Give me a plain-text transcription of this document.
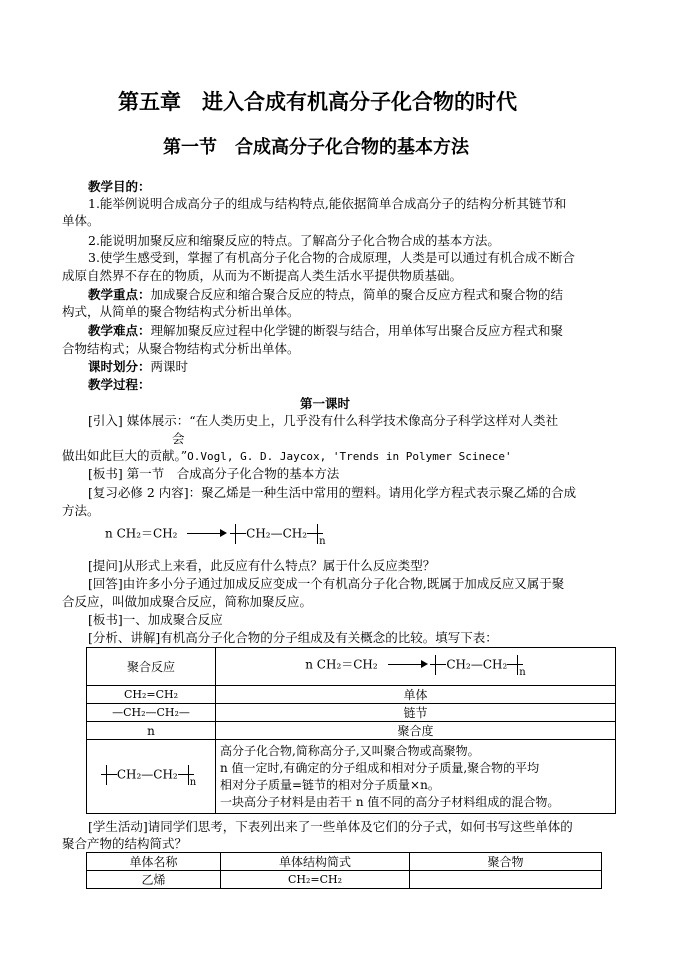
第五章　进入合成有机高分子化合物的时代
第一节　合成高分子化合物的基本方法
教学目的：
1.能举例说明合成高分子的组成与结构特点,能依据简单合成高分子的结构分析其链节和
单体。
2.能说明加聚反应和缩聚反应的特点。了解高分子化合物合成的基本方法。
3.使学生感受到，掌握了有机高分子化合物的合成原理，人类是可以通过有机合成不断合
成原自然界不存在的物质，从而为不断提高人类生活水平提供物质基础。
教学重点：加成聚合反应和缩合聚合反应的特点，简单的聚合反应方程式和聚合物的结
构式，从简单的聚合物结构式分析出单体。
教学难点：理解加聚反应过程中化学键的断裂与结合，用单体写出聚合反应方程式和聚
合物结构式；从聚合物结构式分析出单体。
课时划分：两课时
教学过程：
第一课时
[引入] 媒体展示：“在人类历史上，几乎没有什么科学技术像高分子科学这样对人类社
会
做出如此巨大的贡献。”O.Vogl, G. D. Jaycox, 'Trends in Polymer Scinece'
[板书] 第一节　合成高分子化合物的基本方法
[复习必修 2 内容]：聚乙烯是一种生活中常用的塑料。请用化学方程式表示聚乙烯的合成
方法。
n $CH_2=CH_2 \to CH_2—CH_2_n$
[提问]从形式上来看，此反应有什么特点？属于什么反应类型？
[回答]由许多小分子通过加成反应变成一个有机高分子化合物,既属于加成反应又属于聚
合反应，叫做加成聚合反应，简称加聚反应。
[板书]一、加成聚合反应
[分析、讲解]有机高分子化合物的分子组成及有关概念的比较。填写下表：
聚合反应	n CH₂＝CH₂ $CH_2—CH_2_n$
CH₂=CH₂	单体
—CH₂—CH₂—	链节
n	聚合度
$CH_2—CH_2_n$	高分子化合物,简称高分子,又叫聚合物或高聚物。
n 值一定时,有确定的分子组成和相对分子质量,聚合物的平均
相对分子质量=链节的相对分子质量×n。
一块高分子材料是由若干 n 值不同的高分子材料组成的混合物。
[学生活动]请同学们思考，下表列出来了一些单体及它们的分子式，如何书写这些单体的
聚合产物的结构简式？
单体名称	单体结构简式	聚合物
乙烯	CH₂=CH₂	
